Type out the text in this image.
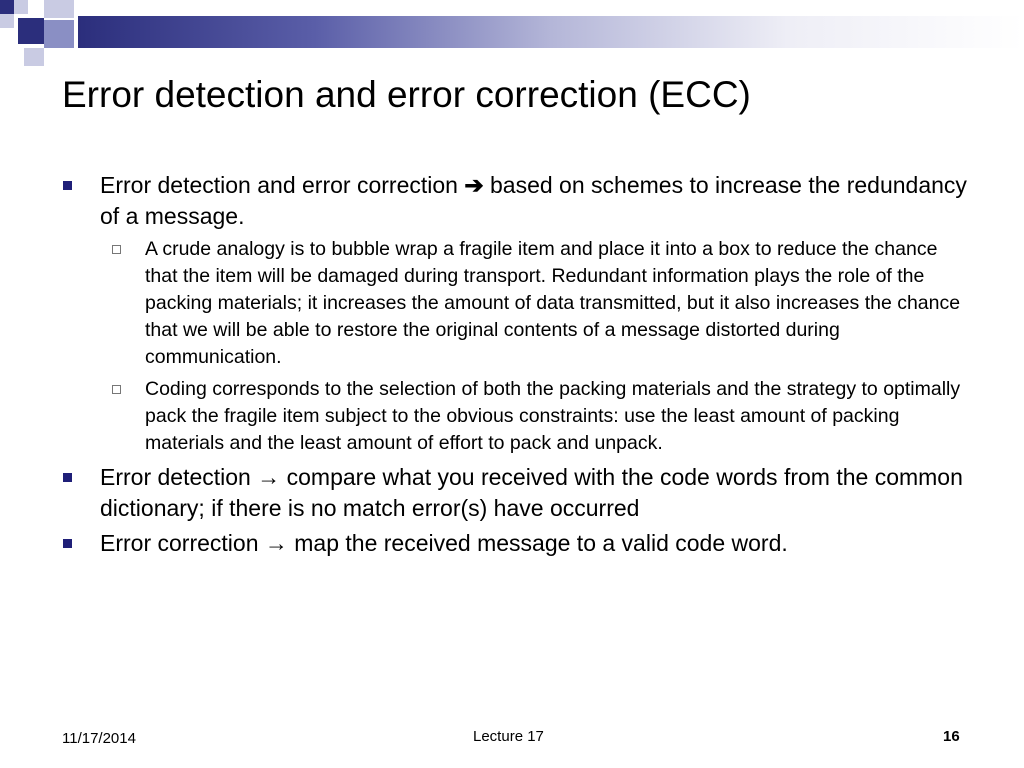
Error detection and error correction (ECC)
Error detection and error correction ➔ based on schemes to increase the redundancy of a message.
A crude analogy is to bubble wrap a fragile item and place it into a box to reduce the chance that the item will be damaged during transport. Redundant information plays the role of the packing materials; it increases the amount of data transmitted, but it also increases the chance that we will be able to restore the original contents of a message distorted during communication.
Coding corresponds to the selection of both the packing materials and the strategy to optimally pack the fragile item subject to the obvious constraints: use the least amount of packing materials and the least amount of effort to pack and unpack.
Error detection → compare what you received with the code words from the common dictionary; if there is no match error(s) have occurred
Error correction → map the received message to a valid code word.
11/17/2014	Lecture 17	16
